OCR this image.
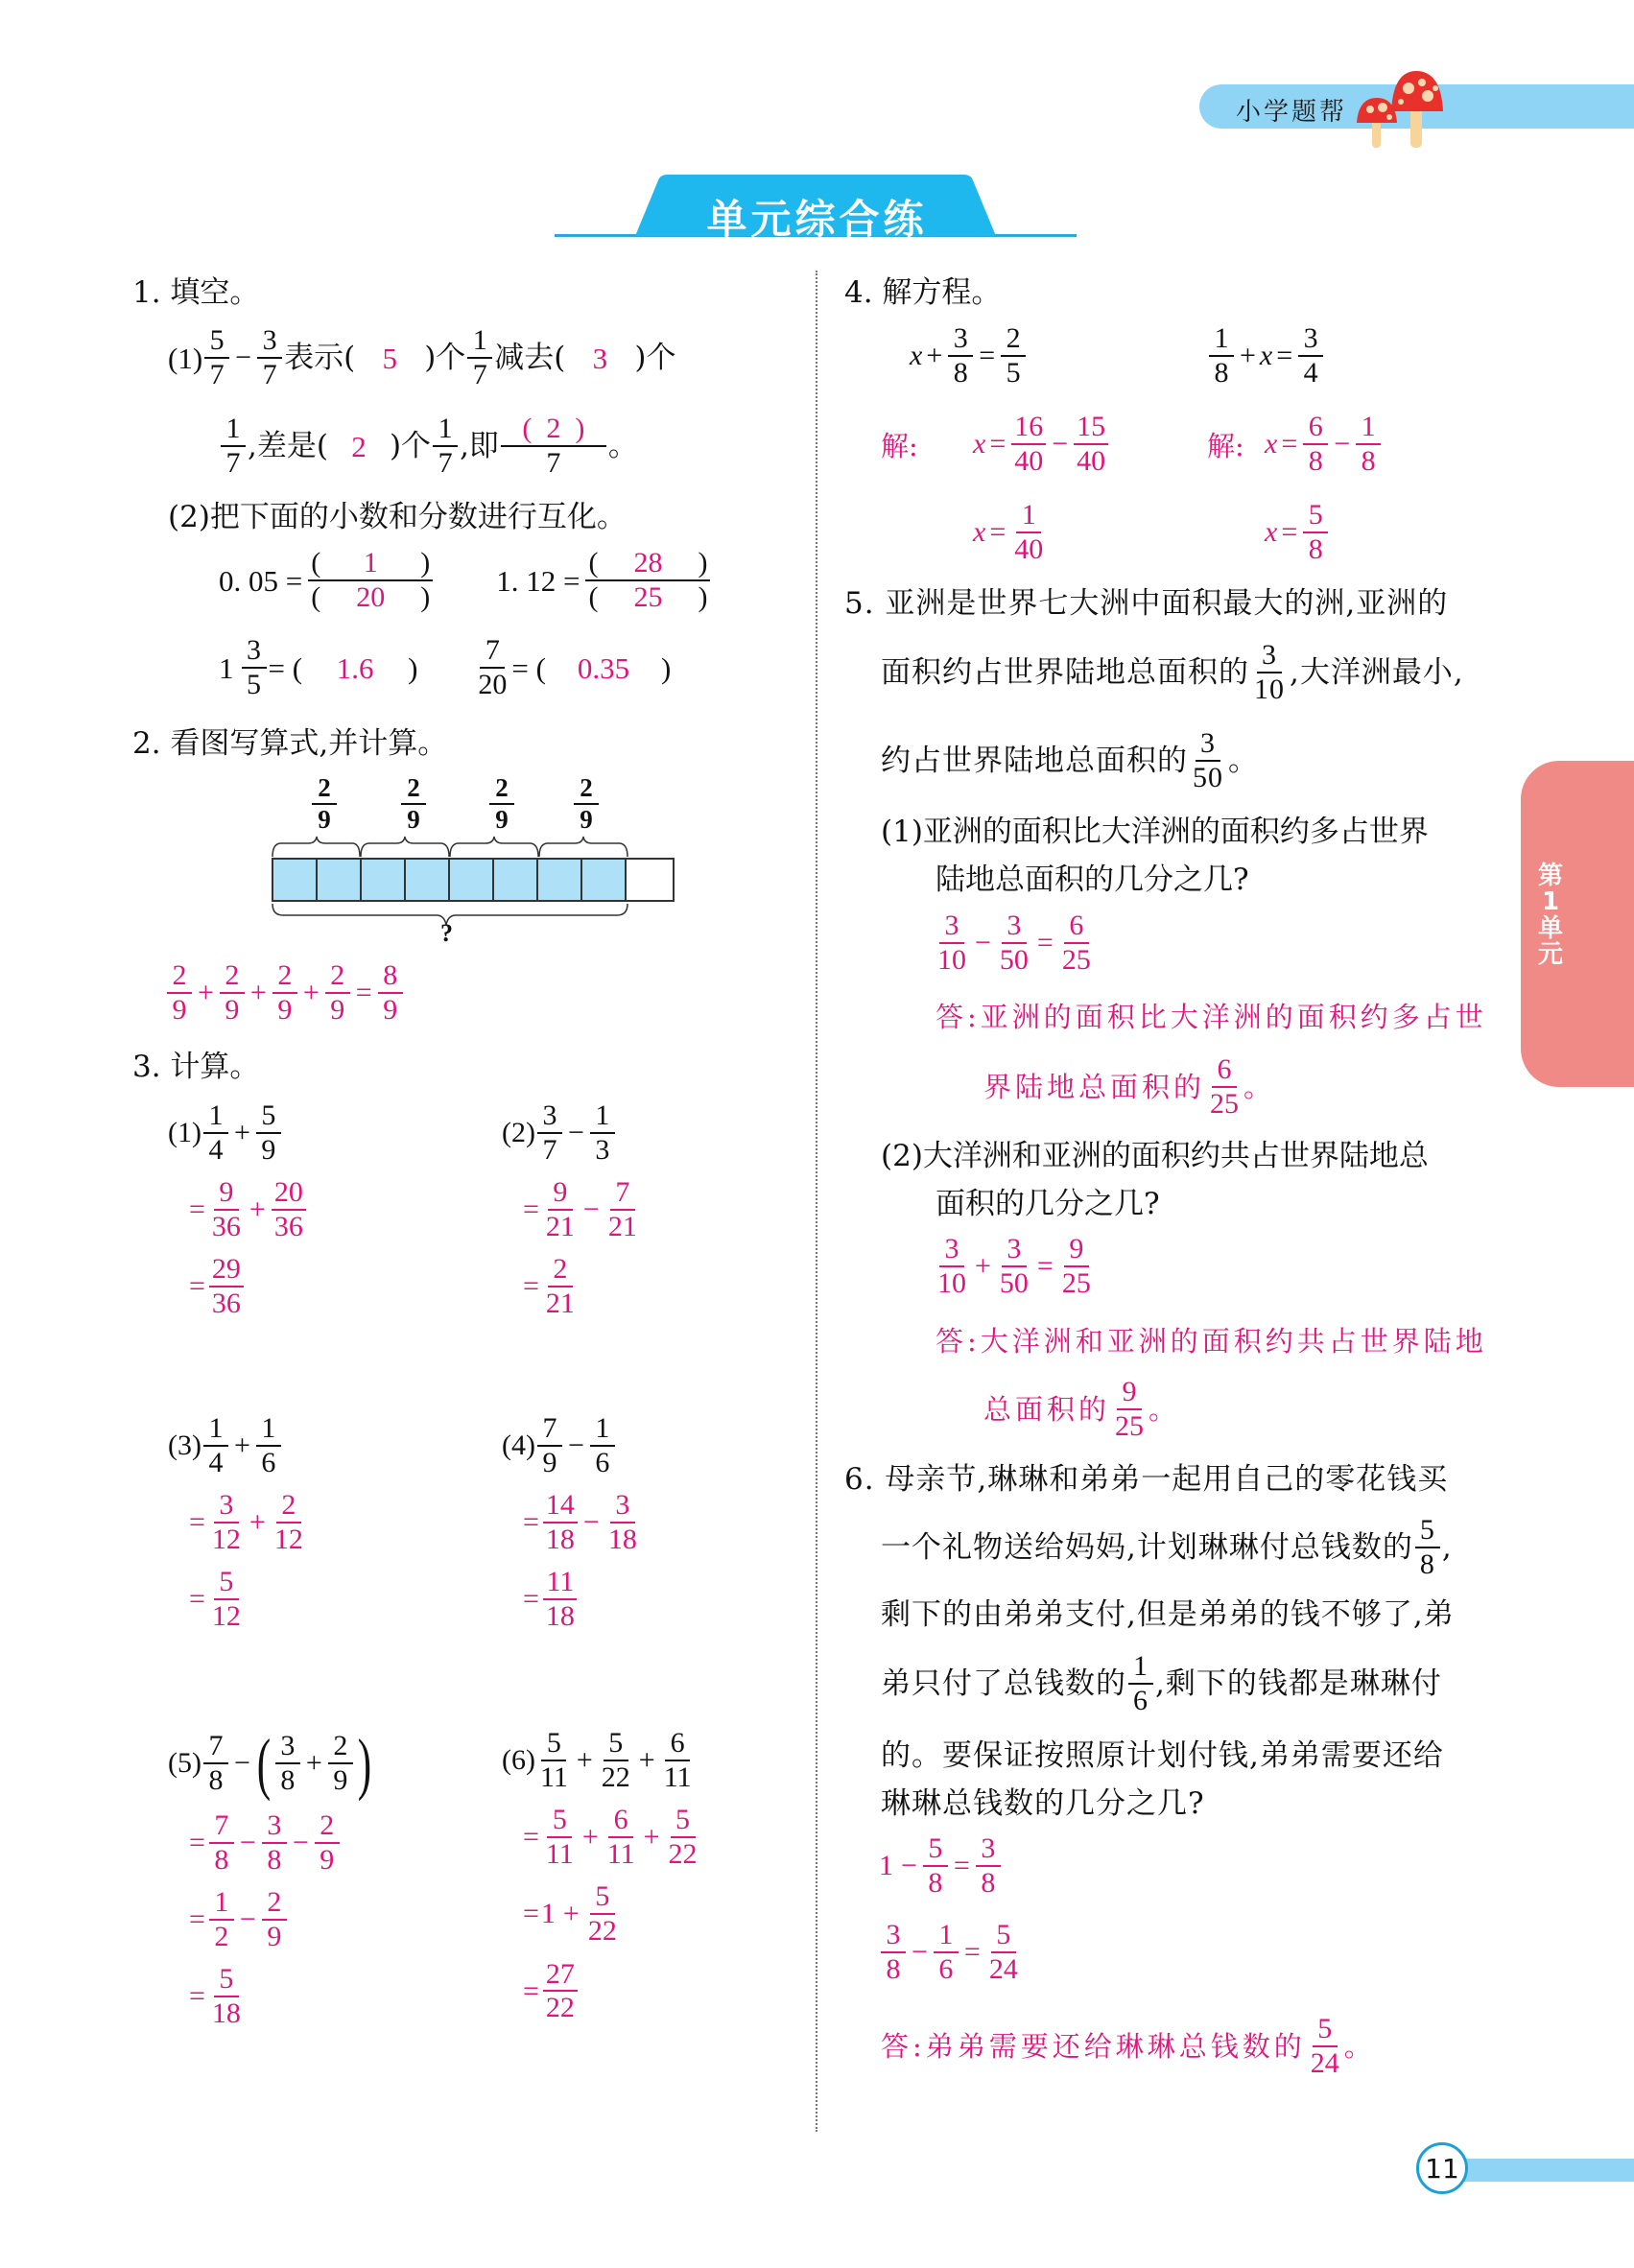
小学题帮
单元综合练
第1单元
11
1. 填空。
(1)
5
7
− $\frac{3}{7}$ 表示( 5 )个
1
7 减去( 3 )个
1
7 ,差是( 2 )个
1
7 ,即
(  2  )
7 。
(2)把下面的小数和分数进行互化。
0. $05 = \frac{( 1 )}{( 20 )} 1$. $12 = \frac{( 28 )}{( 25 )}$
$1 \frac{3}{5}$ = (	1.6	) $\frac{7}{20}$ = (	0.35	)
2. 看图写算式,并计算。
2
9
2
9
2
9
2
9
?
2
9
+ $\frac{2}{9} + \frac{2}{9} + \frac{2}{9} = \frac{8}{9}$
3. 计算。
(1)
1
4
+ $\frac{5}{9}$
=
9
36
+ $\frac{20}{36}$
=
29
36
(2)
3
7
− $\frac{1}{3}$
=
9
21
− $\frac{7}{21}$
=
2
21
(3)
1
4
+ $\frac{1}{6}$
=
3
12
+ $\frac{2}{12}$
=
5
12
(4)
7
9
− $\frac{1}{6}$
=
14
18
− $\frac{3}{18}$
=
11
18
(5)
7
8
− ( 3
8
+ $\frac{2}{9}$ )
=
7
8
− $\frac{3}{8} - \frac{2}{9}$
=
1
2
− $\frac{2}{9}$
=
5
18
(6)
5
11
+ $\frac{5}{22} + \frac{6}{11}$
=
5
11
+ $\frac{6}{11} + \frac{5}{22}$
= $1 + \frac{5}{22}$
=
27
22
4. 解方程。
$x + \frac{3}{8} = \frac{2}{5}$	1
8
+ $x = \frac{3}{4}$
解:	$x = \frac{16}{40} - \frac{15}{40}$
$x = \frac{1}{40}$
解: $x = \frac{6}{8} - \frac{1}{8}$
$x = \frac{5}{8}$
5. 亚洲是世界七大洲中面积最大的洲,亚洲的
面积约占世界陆地总面积的
3
10 ,大洋洲最小,
约占世界陆地总面积的
3
50 。
(1)亚洲的面积比大洋洲的面积约多占世界
陆地总面积的几分之几?
3
10
− $\frac{3}{50} = \frac{6}{25}$
答:亚洲的面积比大洋洲的面积约多占世
界陆地总面积的
6
25
。
(2)大洋洲和亚洲的面积约共占世界陆地总
面积的几分之几?
3
10
+ $\frac{3}{50} = \frac{9}{25}$
答:大洋洲和亚洲的面积约共占世界陆地
总面积的
9
25
。
6. 母亲节,琳琳和弟弟一起用自己的零花钱买
一个礼物送给妈妈,计划琳琳付总钱数的
5
8 ,
剩下的由弟弟支付,但是弟弟的钱不够了,弟
弟只付了总钱数的
1
6 ,剩下的钱都是琳琳付
的。要保证按照原计划付钱,弟弟需要还给
琳琳总钱数的几分之几?
$1 - \frac{5}{8} = \frac{3}{8}$
3
8
− $\frac{1}{6} = \frac{5}{24}$
答:弟弟需要还给琳琳总钱数的
5
24
。
